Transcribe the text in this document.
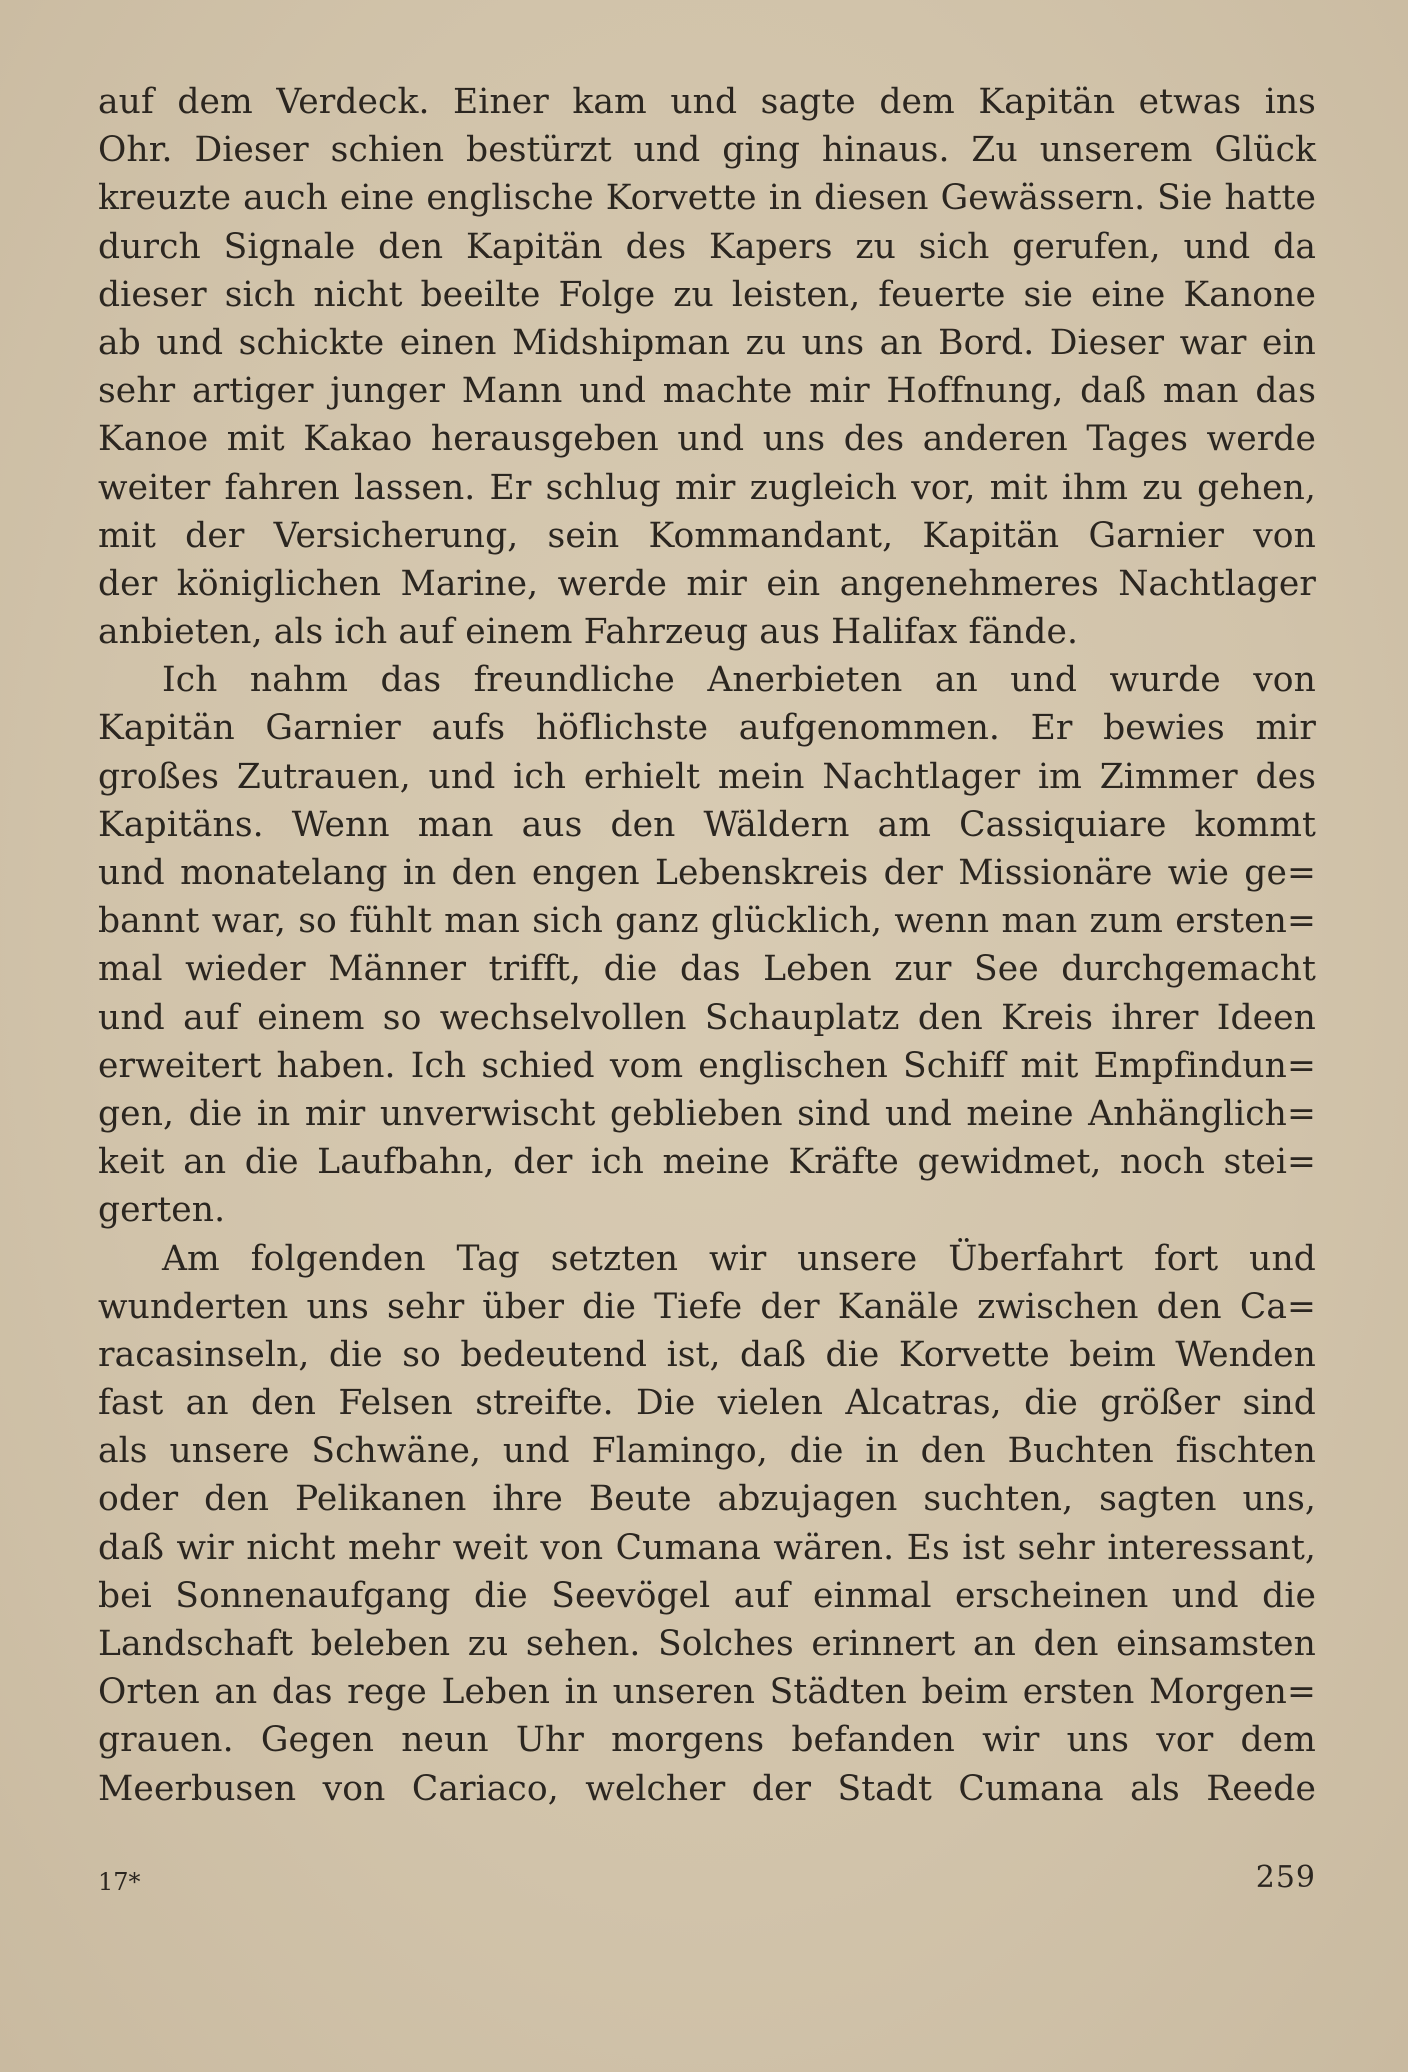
auf dem Verdeck. Einer kam und sagte dem Kapitän etwas ins
Ohr. Dieser schien bestürzt und ging hinaus. Zu unserem Glück
kreuzte auch eine englische Korvette in diesen Gewässern. Sie hatte
durch Signale den Kapitän des Kapers zu sich gerufen, und da
dieser sich nicht beeilte Folge zu leisten, feuerte sie eine Kanone
ab und schickte einen Midshipman zu uns an Bord. Dieser war ein
sehr artiger junger Mann und machte mir Hoffnung, daß man das
Kanoe mit Kakao herausgeben und uns des anderen Tages werde
weiter fahren lassen. Er schlug mir zugleich vor, mit ihm zu gehen,
mit der Versicherung, sein Kommandant, Kapitän Garnier von
der königlichen Marine, werde mir ein angenehmeres Nachtlager
anbieten, als ich auf einem Fahrzeug aus Halifax fände.
Ich nahm das freundliche Anerbieten an und wurde von
Kapitän Garnier aufs höflichste aufgenommen. Er bewies mir
großes Zutrauen, und ich erhielt mein Nachtlager im Zimmer des
Kapitäns. Wenn man aus den Wäldern am Cassiquiare kommt
und monatelang in den engen Lebenskreis der Missionäre wie ge=
bannt war, so fühlt man sich ganz glücklich, wenn man zum ersten=
mal wieder Männer trifft, die das Leben zur See durchgemacht
und auf einem so wechselvollen Schauplatz den Kreis ihrer Ideen
erweitert haben. Ich schied vom englischen Schiff mit Empfindun=
gen, die in mir unverwischt geblieben sind und meine Anhänglich=
keit an die Laufbahn, der ich meine Kräfte gewidmet, noch stei=
gerten.
Am folgenden Tag setzten wir unsere Überfahrt fort und
wunderten uns sehr über die Tiefe der Kanäle zwischen den Ca=
racasinseln, die so bedeutend ist, daß die Korvette beim Wenden
fast an den Felsen streifte. Die vielen Alcatras, die größer sind
als unsere Schwäne, und Flamingo, die in den Buchten fischten
oder den Pelikanen ihre Beute abzujagen suchten, sagten uns,
daß wir nicht mehr weit von Cumana wären. Es ist sehr interessant,
bei Sonnenaufgang die Seevögel auf einmal erscheinen und die
Landschaft beleben zu sehen. Solches erinnert an den einsamsten
Orten an das rege Leben in unseren Städten beim ersten Morgen=
grauen. Gegen neun Uhr morgens befanden wir uns vor dem
Meerbusen von Cariaco, welcher der Stadt Cumana als Reede
17*	259
